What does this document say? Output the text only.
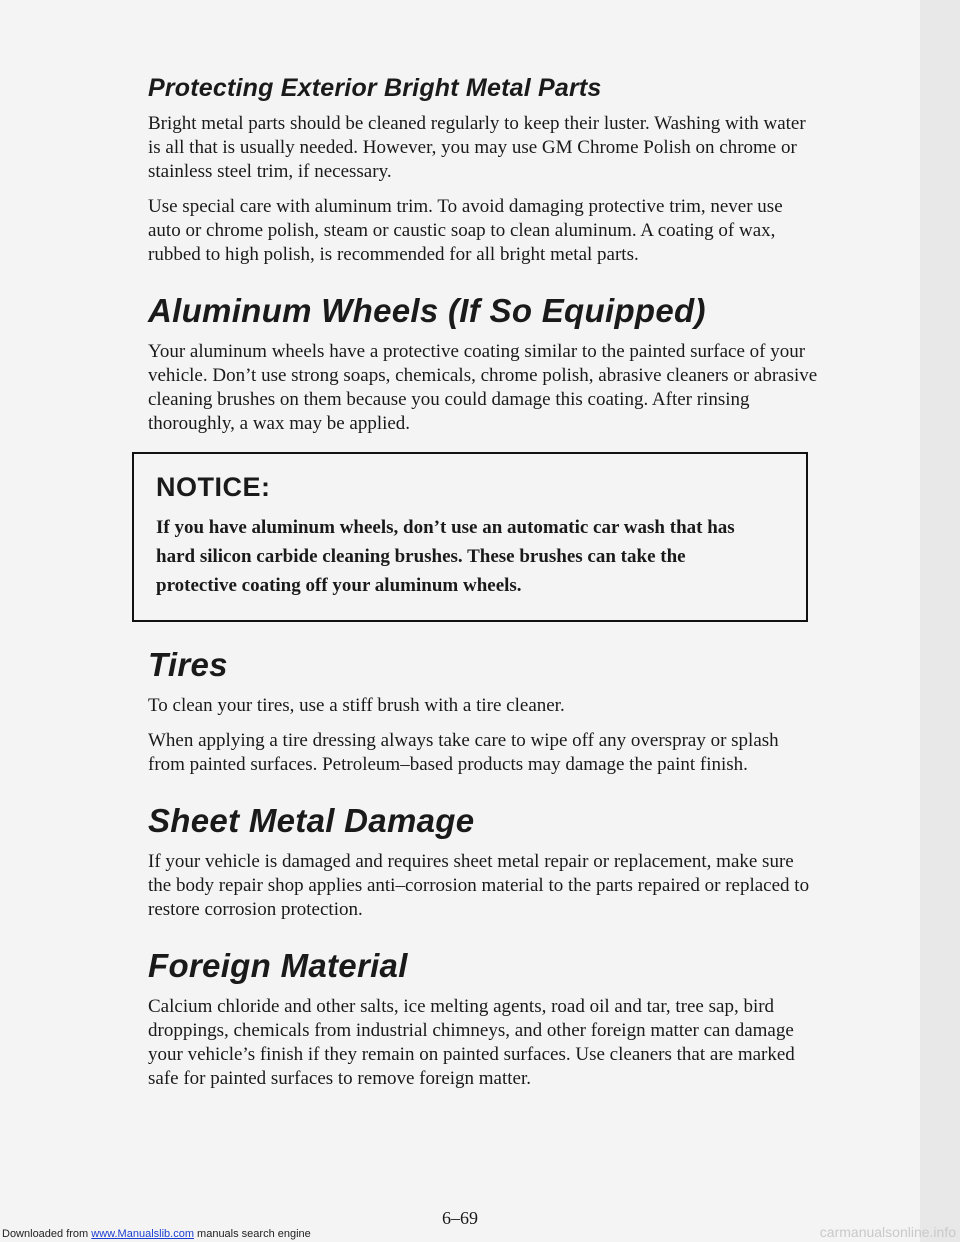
Protecting Exterior Bright Metal Parts

Bright metal parts should be cleaned regularly to keep their luster. Washing with water is all that is usually needed. However, you may use GM Chrome Polish on chrome or stainless steel trim, if necessary.

Use special care with aluminum trim. To avoid damaging protective trim, never use auto or chrome polish, steam or caustic soap to clean aluminum. A coating of wax, rubbed to high polish, is recommended for all bright metal parts.

Aluminum Wheels (If So Equipped)

Your aluminum wheels have a protective coating similar to the painted surface of your vehicle. Don’t use strong soaps, chemicals, chrome polish, abrasive cleaners or abrasive cleaning brushes on them because you could damage this coating. After rinsing thoroughly, a wax may be applied.

NOTICE:

If you have aluminum wheels, don’t use an automatic car wash that has hard silicon carbide cleaning brushes. These brushes can take the protective coating off your aluminum wheels.

Tires

To clean your tires, use a stiff brush with a tire cleaner.

When applying a tire dressing always take care to wipe off any overspray or splash from painted surfaces. Petroleum–based products may damage the paint finish.

Sheet Metal Damage

If your vehicle is damaged and requires sheet metal repair or replacement, make sure the body repair shop applies anti–corrosion material to the parts repaired or replaced to restore corrosion protection.

Foreign Material

Calcium chloride and other salts, ice melting agents, road oil and tar, tree sap, bird droppings, chemicals from industrial chimneys, and other foreign matter can damage your vehicle’s finish if they remain on painted surfaces. Use cleaners that are marked safe for painted surfaces to remove foreign matter.

6–69
Downloaded from www.Manualslib.com manuals search engine	carmanualsonline.info
